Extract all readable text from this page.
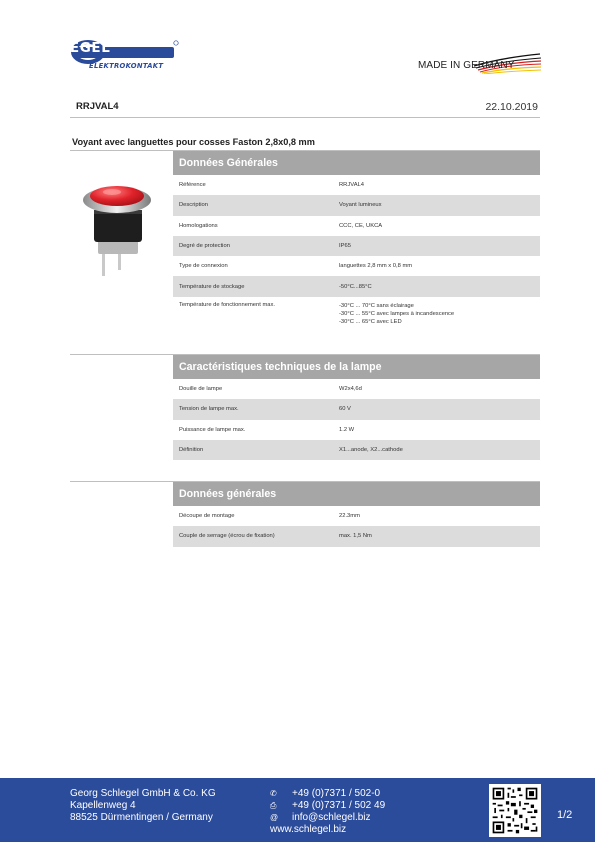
SCHLEGEL
ELEKTROKONTAKT	MADE IN GERMANY
RRJVAL4	22.10.2019
Voyant avec languettes pour cosses Faston 2,8x0,8 mm
Données Générales
Référence	RRJVAL4
Description	Voyant lumineux
Homologations	CCC, CE, UKCA
Degré de protection	IP65
Type de connexion	languettes 2,8 mm x 0,8 mm
Température de stockage	-50°C...85°C
Température de fonctionnement max.	-30°C ... 70°C sans éclairage
-30°C ... 55°C avec lampes à incandescence
-30°C ... 65°C avec LED
Caractéristiques techniques de la lampe
Douille de lampe	W2x4,6d
Tension de lampe max.	60 V
Puissance de lampe max.	1.2 W
Définition	X1...anode, X2...cathode
Données générales
Découpe de montage	22.3mm
Couple de serrage (écrou de fixation)	max. 1,5 Nm
Georg Schlegel GmbH & Co. KG
Kapellenweg 4
88525 Dürmentingen / Germany
✆	+49 (0)7371 / 502-0
⎙	+49 (0)7371 / 502 49
@	info@schlegel.biz
www.schlegel.biz
1/2
